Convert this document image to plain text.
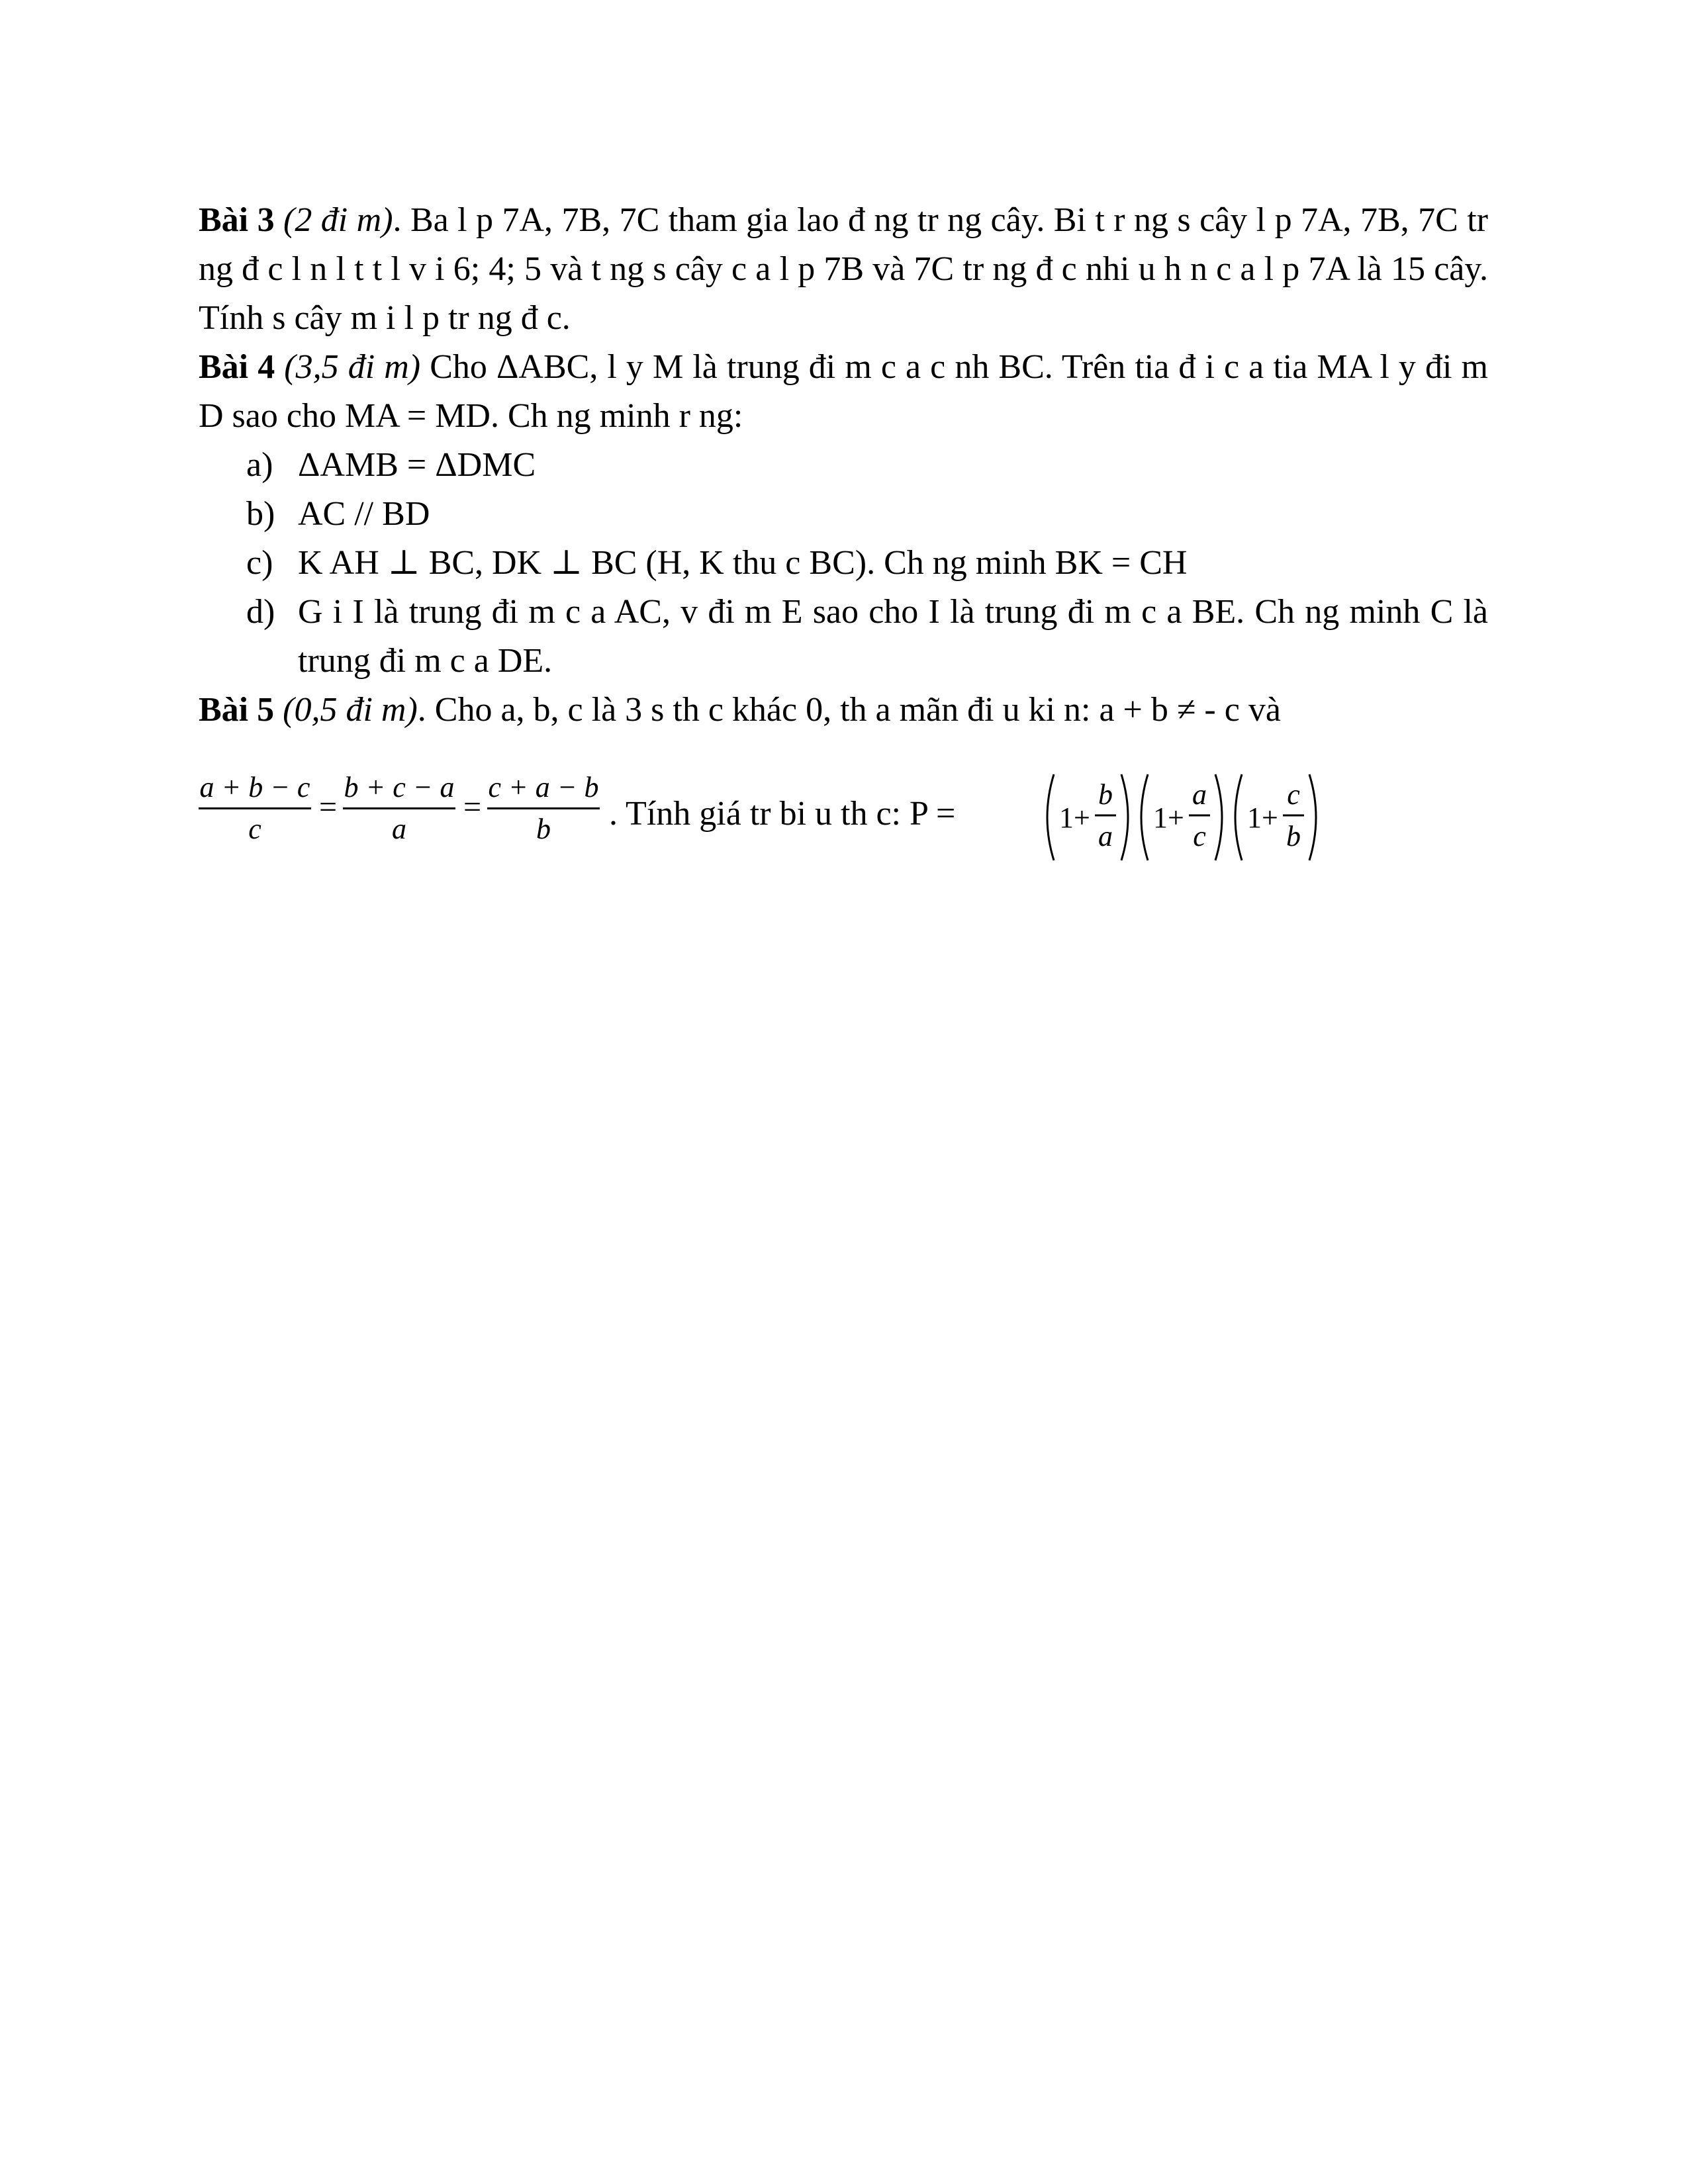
Bài 3 (2 đi m). Ba l p 7A, 7B, 7C tham gia lao đ ng tr ng cây. Bi t r ng s cây l p 7A, 7B, 7C tr ng đ c l n l t t l v i 6; 4; 5 và t ng s cây c a l p 7B và 7C tr ng đ c nhi u h n c a l p 7A là 15 cây. Tính s cây m i l p tr ng đ c.

Bài 4 (3,5 đi m) Cho ΔABC, l y M là trung đi m c a c nh BC. Trên tia đ i c a tia MA l y đi m D sao cho MA = MD. Ch ng minh r ng:

a) ΔAMB = ΔDMC
b) AC // BD
c) K AH ⊥ BC, DK ⊥ BC (H, K thu c BC). Ch ng minh BK = CH
d) G i I là trung đi m c a AC, v đi m E sao cho I là trung đi m c a BE. Ch ng minh C là trung đi m c a DE.

Bài 5 (0,5 đi m). Cho a, b, c là 3 s th c khác 0, th a mãn đi u ki n: a + b ≠ - c và

a + b − c
c
=
b + c − a
a
=
c + a − b
b	. Tính giá tr bi u th c: P =	1+
b
a
1+
a
c
1+
c
b
